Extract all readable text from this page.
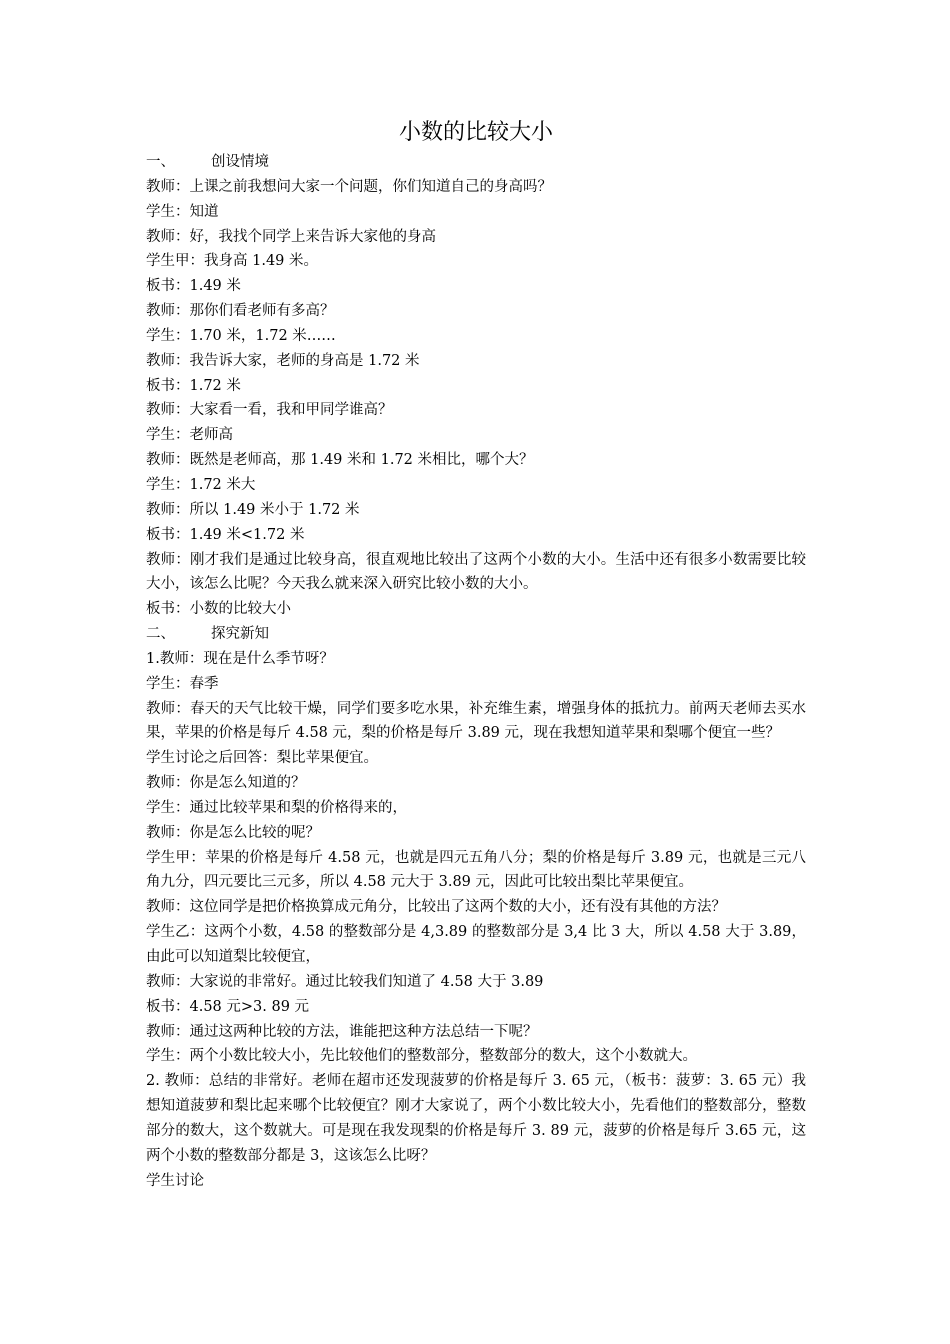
小数的比较大小
一、 创设情境
教师：上课之前我想问大家一个问题，你们知道自己的身高吗？
学生：知道
教师：好，我找个同学上来告诉大家他的身高
学生甲：我身高 1.49 米。
板书：1.49 米
教师：那你们看老师有多高？
学生：1.70 米，1.72 米……
教师：我告诉大家，老师的身高是 1.72 米
板书：1.72 米
教师：大家看一看，我和甲同学谁高？
学生：老师高
教师：既然是老师高，那 1.49 米和 1.72 米相比，哪个大？
学生：1.72 米大
教师：所以 1.49 米小于 1.72 米
板书：1.49 米<1.72 米
教师：刚才我们是通过比较身高，很直观地比较出了这两个小数的大小。生活中还有很多小数需要比较大小，该怎么比呢？今天我么就来深入研究比较小数的大小。
板书：小数的比较大小
二、 探究新知
1.教师：现在是什么季节呀？
学生：春季
教师：春天的天气比较干燥，同学们要多吃水果，补充维生素，增强身体的抵抗力。前两天老师去买水果，苹果的价格是每斤 4.58 元，梨的价格是每斤 3.89 元，现在我想知道苹果和梨哪个便宜一些？
学生讨论之后回答：梨比苹果便宜。
教师：你是怎么知道的？
学生：通过比较苹果和梨的价格得来的，
教师：你是怎么比较的呢？
学生甲：苹果的价格是每斤 4.58 元，也就是四元五角八分；梨的价格是每斤 3.89 元，也就是三元八角九分，四元要比三元多，所以 4.58 元大于 3.89 元，因此可比较出梨比苹果便宜。
教师：这位同学是把价格换算成元角分，比较出了这两个数的大小，还有没有其他的方法？
学生乙：这两个小数，4.58 的整数部分是 4,3.89 的整数部分是 3,4 比 3 大，所以 4.58 大于 3.89，由此可以知道梨比较便宜，
教师：大家说的非常好。通过比较我们知道了 4.58 大于 3.89
板书：4.58 元>3. 89 元
教师：通过这两种比较的方法，谁能把这种方法总结一下呢？
学生：两个小数比较大小，先比较他们的整数部分，整数部分的数大，这个小数就大。
2. 教师：总结的非常好。老师在超市还发现菠萝的价格是每斤 3. 65 元，（板书：菠萝：3. 65 元）我想知道菠萝和梨比起来哪个比较便宜？刚才大家说了，两个小数比较大小，先看他们的整数部分，整数部分的数大，这个数就大。可是现在我发现梨的价格是每斤 3. 89 元，菠萝的价格是每斤 3.65 元，这两个小数的整数部分都是 3，这该怎么比呀？
学生讨论
